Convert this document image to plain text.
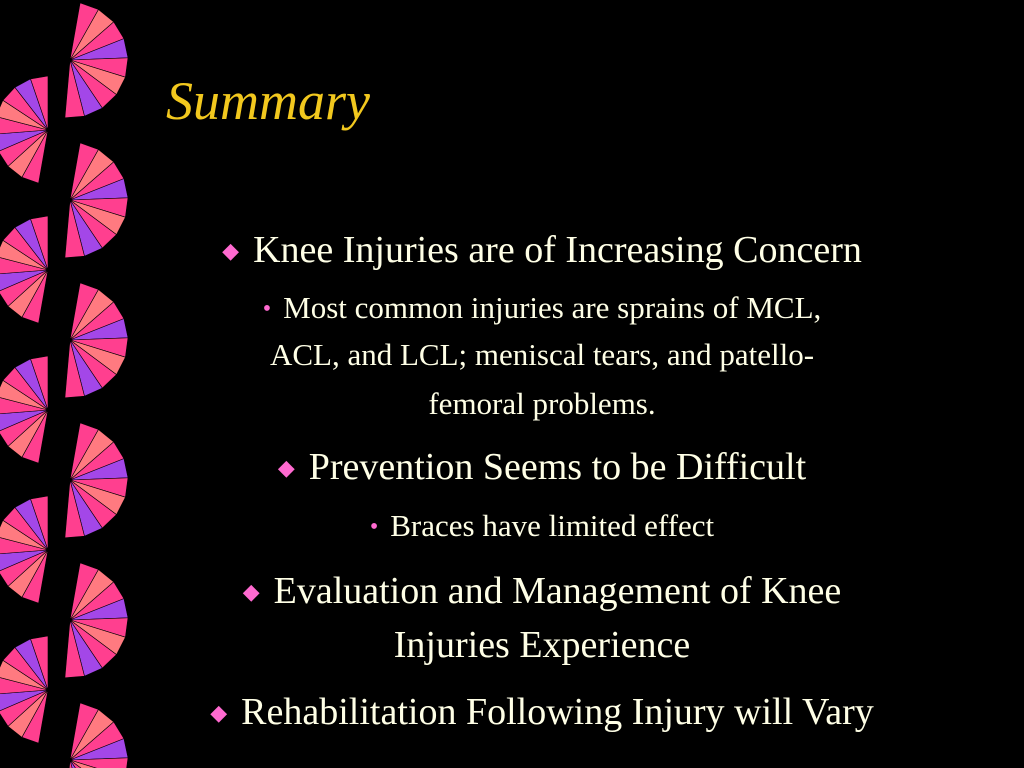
Summary
◆ Knee Injuries are of Increasing Concern
• Most common injuries are sprains of MCL,
ACL, and LCL; meniscal tears, and patello-
femoral problems.
◆ Prevention Seems to be Difficult
• Braces have limited effect
◆ Evaluation and Management of Knee
Injuries Experience
◆ Rehabilitation Following Injury will Vary
